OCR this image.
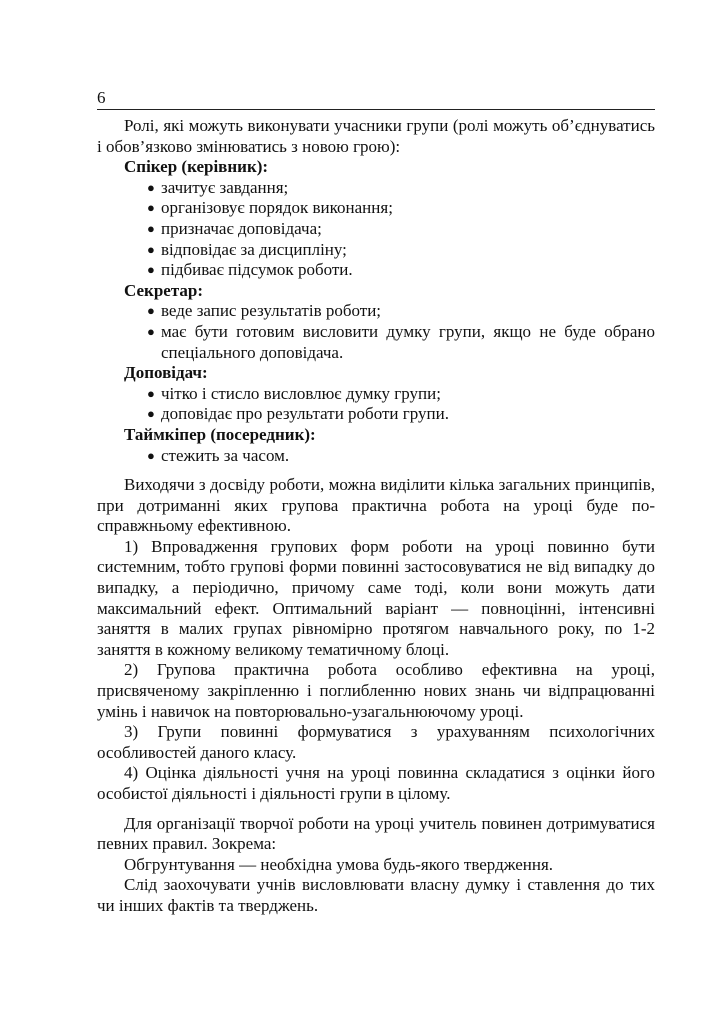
6

Ролі, які можуть виконувати учасники групи (ролі можуть об’єднуватись і обов’язково змінюватись з новою грою):

Спікер (керівник):

● зачитує завдання;
● організовує порядок виконання;
● призначає доповідача;
● відповідає за дисципліну;
● підбиває підсумок роботи.

Секретар:

● веде запис результатів роботи;
● має бути готовим висловити думку групи, якщо не буде обрано спеціального доповідача.

Доповідач:

● чітко і стисло висловлює думку групи;
● доповідає про результати роботи групи.

Таймкіпер (посередник):

● стежить за часом.

Виходячи з досвіду роботи, можна виділити кілька загальних принципів, при дотриманні яких групова практична робота на уроці буде по-справжньому ефективною.

1) Впровадження групових форм роботи на уроці повинно бути системним, тобто групові форми повинні застосовуватися не від випадку до випадку, а періодично, причому саме тоді, коли вони можуть дати максимальний ефект. Оптимальний варіант — повноцінні, інтенсивні заняття в малих групах рівномірно протягом навчального року, по 1-2 заняття в кожному великому тематичному блоці.

2) Групова практична робота особливо ефективна на уроці, присвяченому закріпленню і поглибленню нових знань чи відпрацюванні умінь і навичок на повторювально-узагальнюючому уроці.

3) Групи повинні формуватися з урахуванням психологічних особливостей даного класу.

4) Оцінка діяльності учня на уроці повинна складатися з оцінки його особистої діяльності і діяльності групи в цілому.

Для організації творчої роботи на уроці учитель повинен дотримуватися певних правил. Зокрема:

Обгрунтування — необхідна умова будь-якого твердження.

Слід заохочувати учнів висловлювати власну думку і ставлення до тих чи інших фактів та тверджень.
